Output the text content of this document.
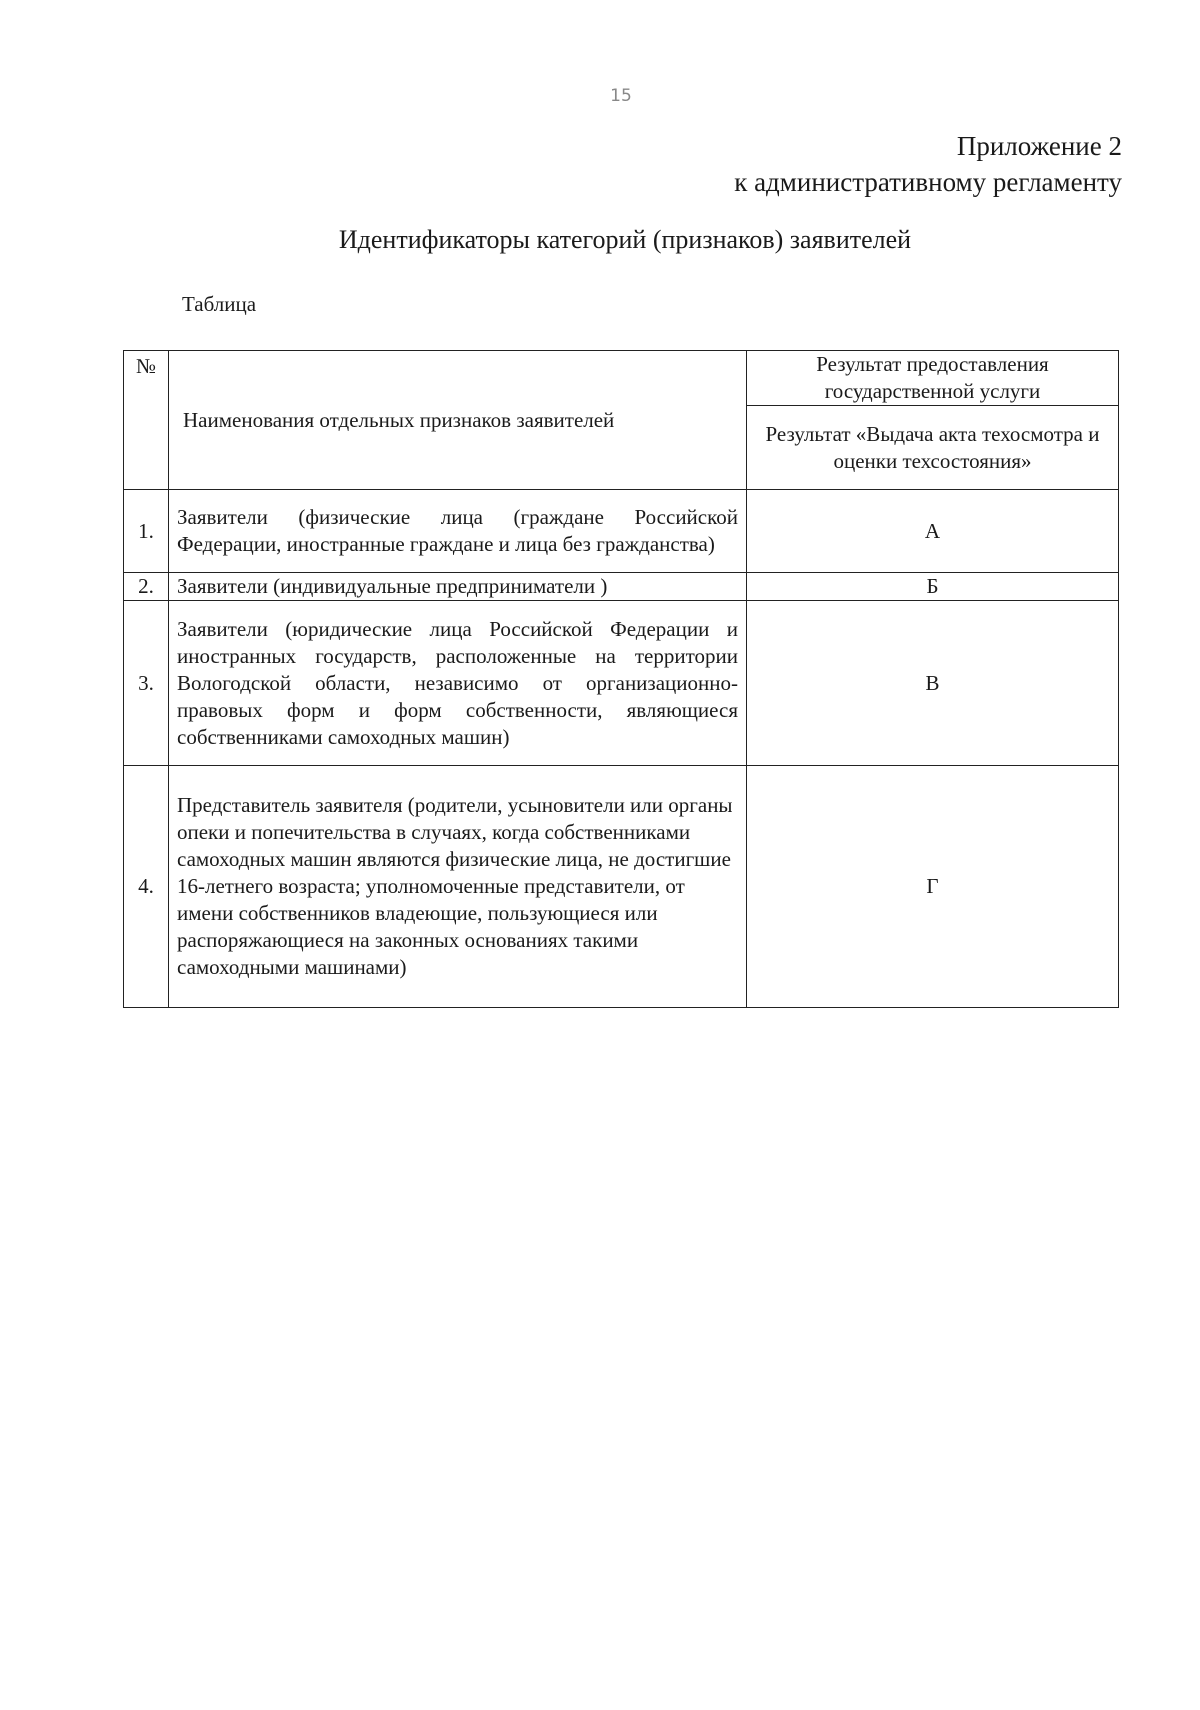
15
Приложение 2
к административному регламенту
Идентификаторы категорий (признаков) заявителей
Таблица
№	Наименования отдельных признаков заявителей	Результат предоставления государственной услуги
		Результат «Выдача акта техосмотра и оценки техсостояния»
1.	Заявители (физические лица (граждане Российской Федерации, иностранные граждане и лица без гражданства)	А
2.	Заявители (индивидуальные предприниматели )	Б
3.	Заявители (юридические лица Российской Федерации и иностранных государств, расположенные на территории Вологодской области, независимо от организационно-правовых форм и форм собственности, являющиеся собственниками самоходных машин)	В
4.	Представитель заявителя (родители, усыновители или органы опеки и попечительства в случаях, когда собственниками самоходных машин являются физические лица, не достигшие 16-летнего возраста; уполномоченные представители, от имени собственников владеющие, пользующиеся или распоряжающиеся на законных основаниях такими самоходными машинами)	Г
